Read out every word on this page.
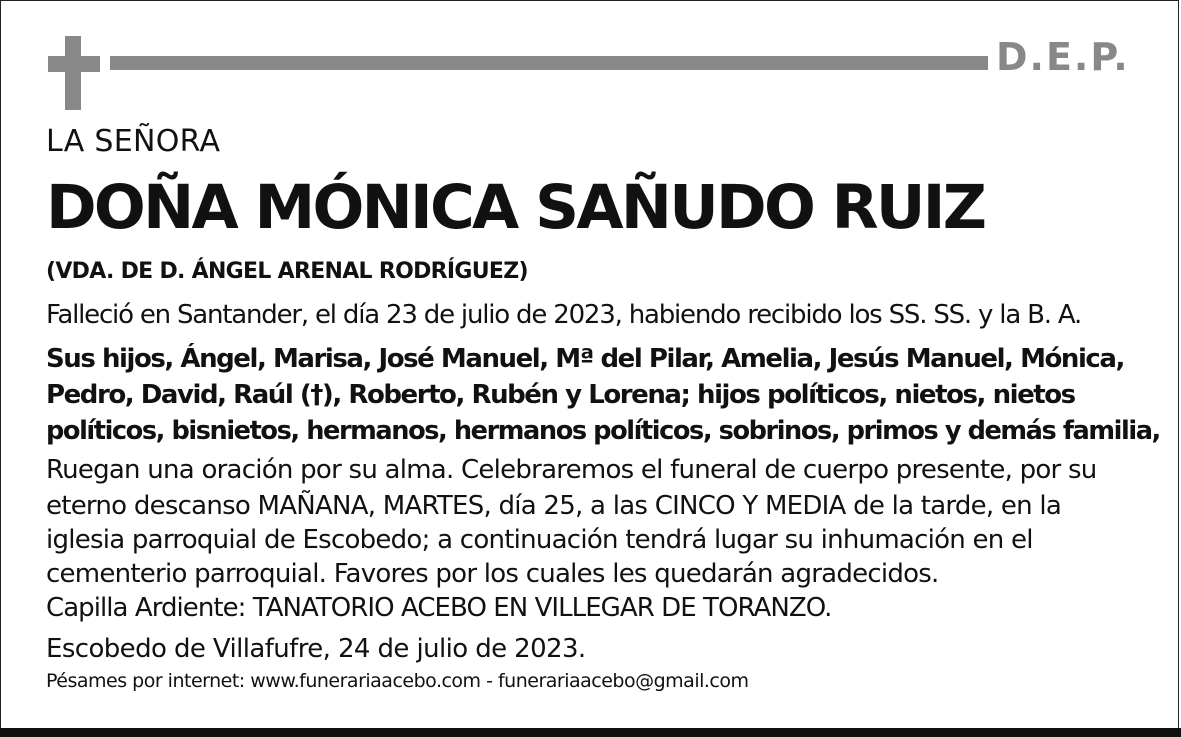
D.E.P.
LA SEÑORA
DOÑA MÓNICA SAÑUDO RUIZ
(VDA. DE D. ÁNGEL ARENAL RODRÍGUEZ)
Falleció en Santander, el día 23 de julio de 2023, habiendo recibido los SS. SS. y la B. A.
Sus hijos, Ángel, Marisa, José Manuel, Mª del Pilar, Amelia, Jesús Manuel, Mónica,
Pedro, David, Raúl (†), Roberto, Rubén y Lorena; hijos políticos, nietos, nietos
políticos, bisnietos, hermanos, hermanos políticos, sobrinos, primos y demás familia,
Ruegan una oración por su alma. Celebraremos el funeral de cuerpo presente, por su
eterno descanso MAÑANA, MARTES, día 25, a las CINCO Y MEDIA de la tarde, en la
iglesia parroquial de Escobedo; a continuación tendrá lugar su inhumación en el
cementerio parroquial. Favores por los cuales les quedarán agradecidos.
Capilla Ardiente: TANATORIO ACEBO EN VILLEGAR DE TORANZO.
Escobedo de Villafufre, 24 de julio de 2023.
Pésames por internet: www.funerariaacebo.com - funerariaacebo@gmail.com
